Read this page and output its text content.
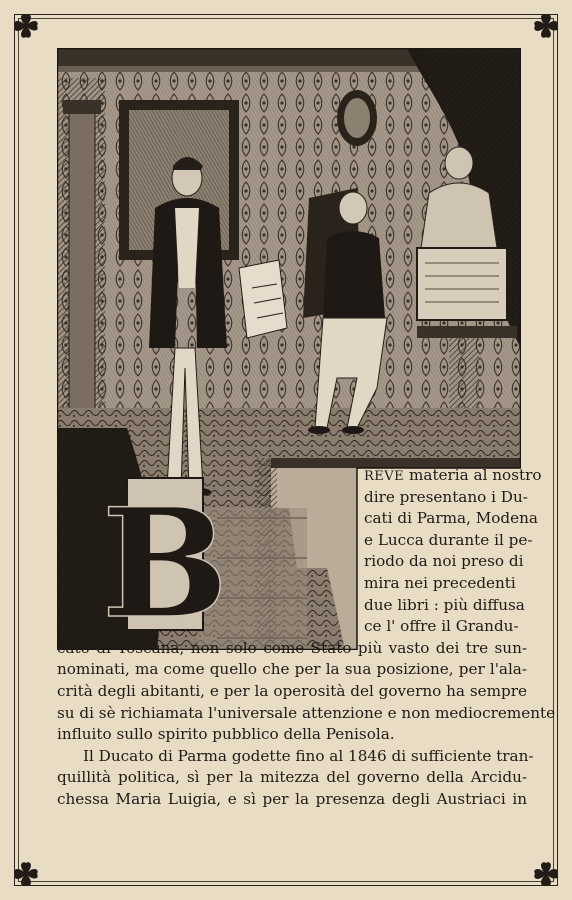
B	REVE materia al nostro
dire presentano i Du-
cati di Parma, Modena
e Lucca durante il pe-
riodo da noi preso di
mira nei precedenti
due libri : più diffusa
ce l' offre il Grandu-
cato di Toscana, non solo come Stato più vasto dei tre sun-
nominati, ma come quello che per la sua posizione, per l'ala-
crità degli abitanti, e per la operosità del governo ha sempre
su di sè richiamata l'universale attenzione e non mediocremente
influito sullo spirito pubblico della Penisola.
Il Ducato di Parma godette fino al 1846 di sufficiente tran-
quillità politica, sì per la mitezza del governo della Arcidu-
chessa Maria Luigia, e sì per la presenza degli Austriaci in
